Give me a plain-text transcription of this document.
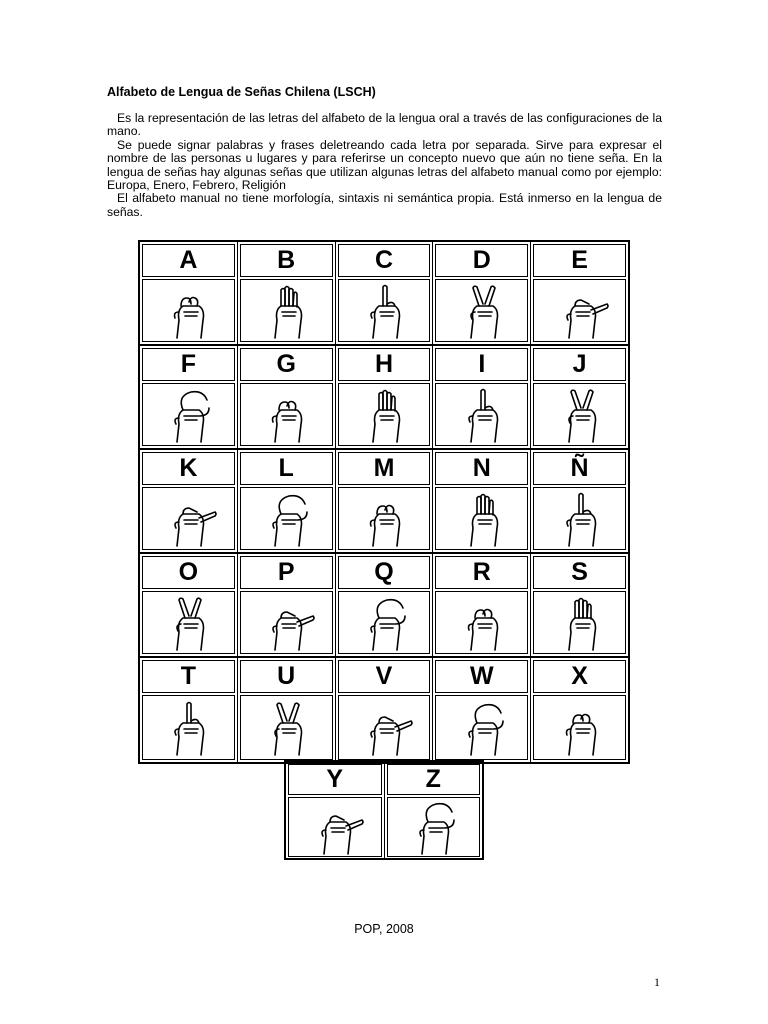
Alfabeto de Lengua de Señas Chilena (LSCH)

Es la representación de las letras del alfabeto de la lengua oral a través de las configuraciones de la mano.

Se puede signar palabras y frases deletreando cada letra por separada. Sirve para expresar el nombre de las personas u lugares y para referirse un concepto nuevo que aún no tiene seña. En la lengua de señas hay algunas señas que utilizan algunas letras del alfabeto manual como por ejemplo: Europa, Enero, Febrero, Religión

El alfabeto manual no tiene morfología, sintaxis ni semántica propia. Está inmerso en la lengua de señas.

A	B	C	D	E
F	G	H	I	J
K	L	M	N	Ñ
O	P	Q	R	S
T	U	V	W	X
Y	Z
POP, 2008
1
